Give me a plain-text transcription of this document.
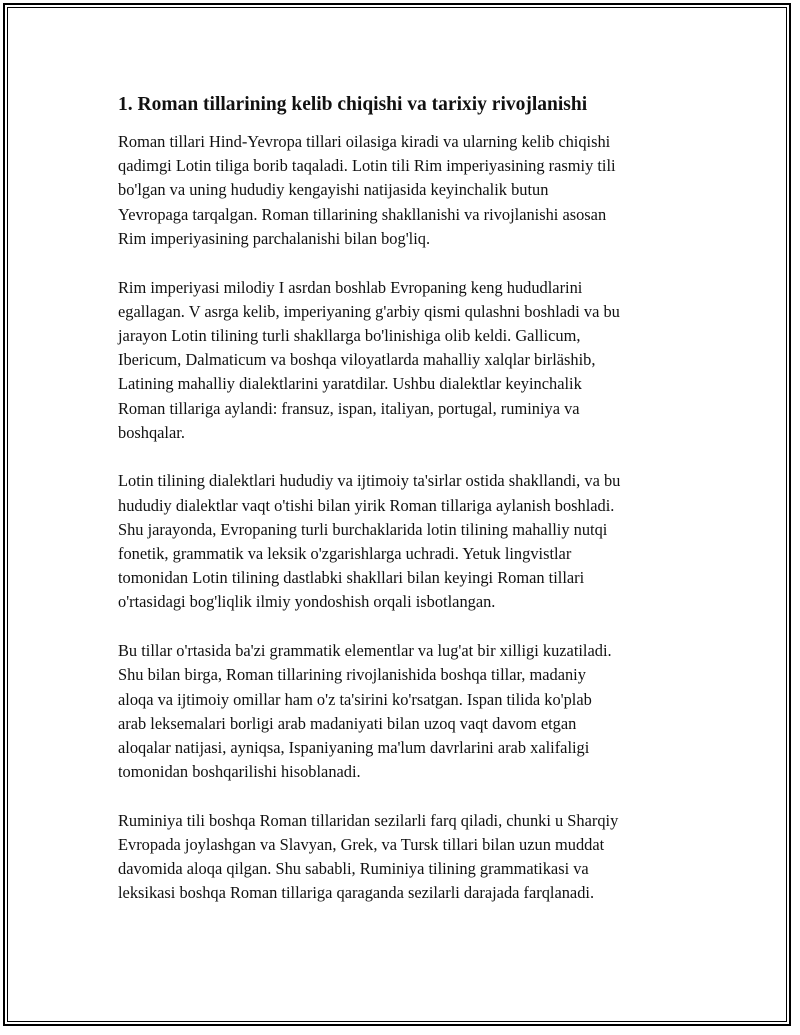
1. Roman tillarining kelib chiqishi va tarixiy rivojlanishi
Roman tillari Hind-Yevropa tillari oilasiga kiradi va ularning kelib chiqishi
qadimgi Lotin tiliga borib taqaladi. Lotin tili Rim imperiyasining rasmiy tili
bo'lgan va uning hududiy kengayishi natijasida keyinchalik butun
Yevropaga tarqalgan. Roman tillarining shakllanishi va rivojlanishi asosan
Rim imperiyasining parchalanishi bilan bog'liq.
Rim imperiyasi milodiy I asrdan boshlab Evropaning keng hududlarini
egallagan. V asrga kelib, imperiyaning g'arbiy qismi qulashni boshladi va bu
jarayon Lotin tilining turli shakllarga bo'linishiga olib keldi. Gallicum,
Ibericum, Dalmaticum va boshqa viloyatlarda mahalliy xalqlar birläshib,
Latining mahalliy dialektlarini yaratdilar. Ushbu dialektlar keyinchalik
Roman tillariga aylandi: fransuz, ispan, italiyan, portugal, ruminiya va
boshqalar.
Lotin tilining dialektlari hududiy va ijtimoiy ta'sirlar ostida shakllandi, va bu
hududiy dialektlar vaqt o'tishi bilan yirik Roman tillariga aylanish boshladi.
Shu jarayonda, Evropaning turli burchaklarida lotin tilining mahalliy nutqi
fonetik, grammatik va leksik o'zgarishlarga uchradi. Yetuk lingvistlar
tomonidan Lotin tilining dastlabki shakllari bilan keyingi Roman tillari
o'rtasidagi bog'liqlik ilmiy yondoshish orqali isbotlangan.
Bu tillar o'rtasida ba'zi grammatik elementlar va lug'at bir xilligi kuzatiladi.
Shu bilan birga, Roman tillarining rivojlanishida boshqa tillar, madaniy
aloqa va ijtimoiy omillar ham o'z ta'sirini ko'rsatgan. Ispan tilida ko'plab
arab leksemalari borligi arab madaniyati bilan uzoq vaqt davom etgan
aloqalar natijasi, ayniqsa, Ispaniyaning ma'lum davrlarini arab xalifaligi
tomonidan boshqarilishi hisoblanadi.
Ruminiya tili boshqa Roman tillaridan sezilarli farq qiladi, chunki u Sharqiy
Evropada joylashgan va Slavyan, Grek, va Tursk tillari bilan uzun muddat
davomida aloqa qilgan. Shu sababli, Ruminiya tilining grammatikasi va
leksikasi boshqa Roman tillariga qaraganda sezilarli darajada farqlanadi.
